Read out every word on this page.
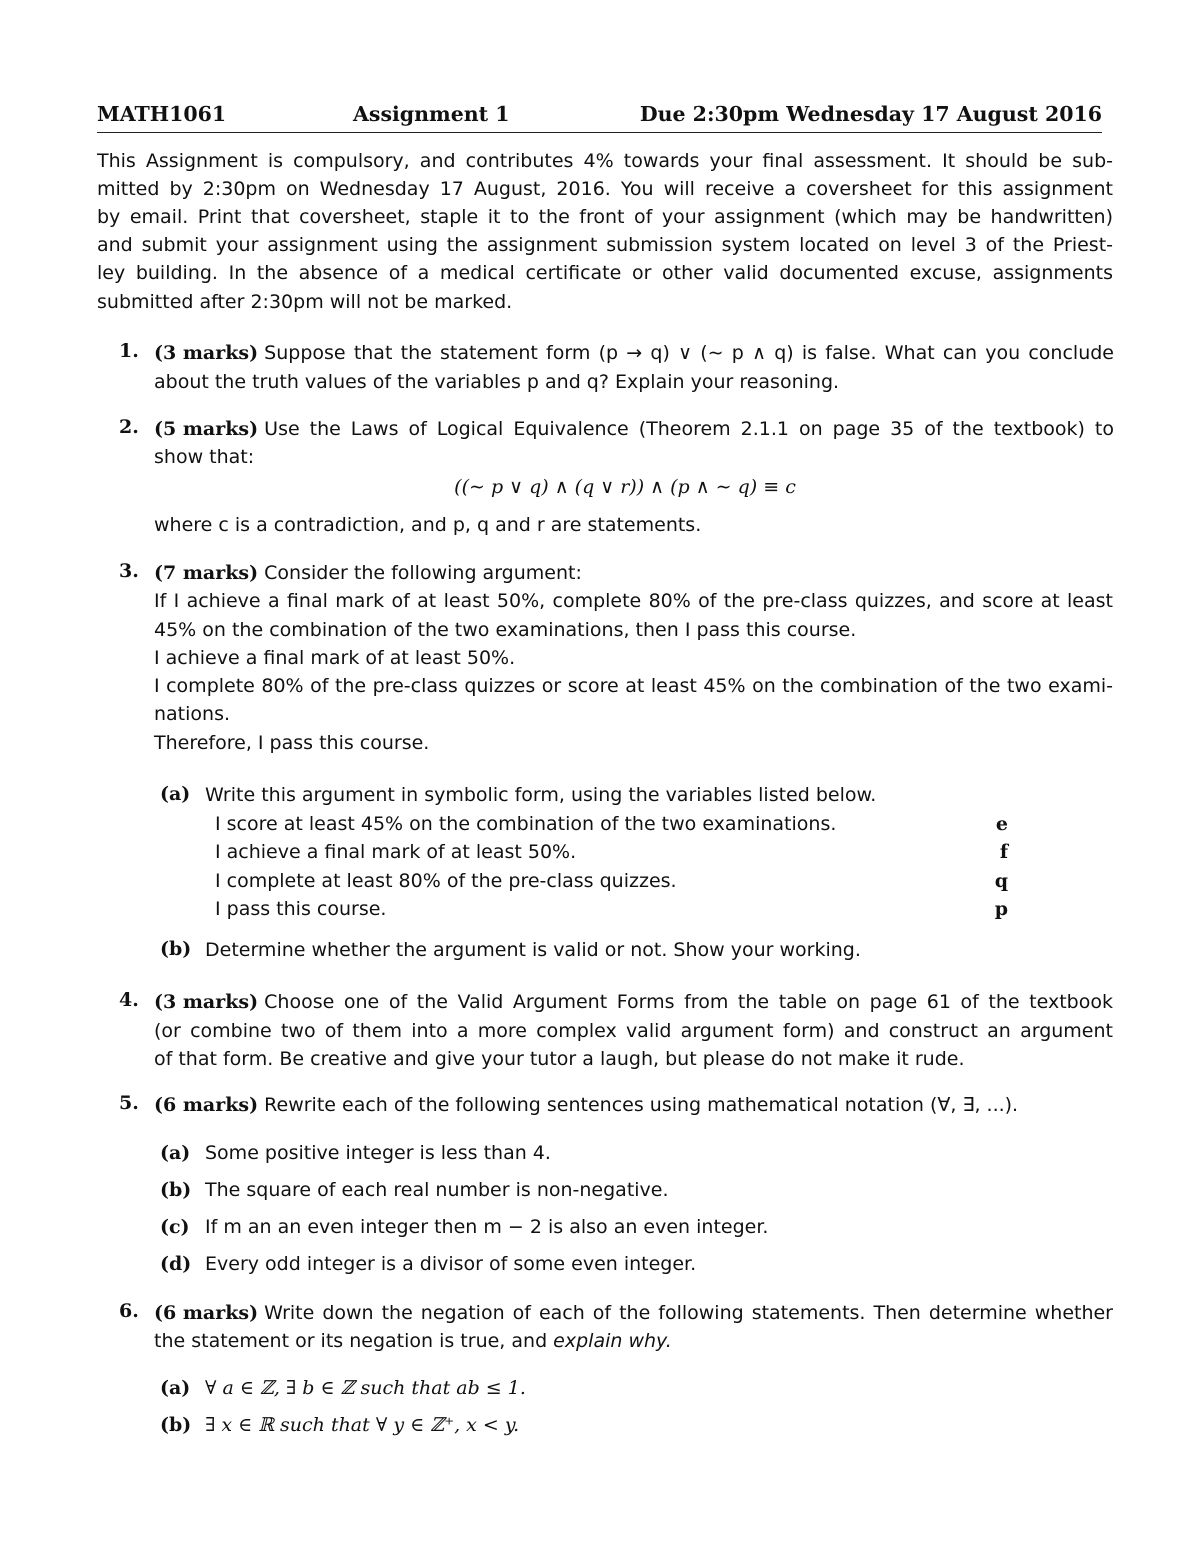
MATH1061	Assignment 1	Due 2:30pm Wednesday 17 August 2016
This Assignment is compulsory, and contributes 4% towards your final assessment. It should be sub-
mitted by 2:30pm on Wednesday 17 August, 2016. You will receive a coversheet for this assignment
by email. Print that coversheet, staple it to the front of your assignment (which may be handwritten)
and submit your assignment using the assignment submission system located on level 3 of the Priest-
ley building. In the absence of a medical certificate or other valid documented excuse, assignments
submitted after 2:30pm will not be marked.
1. (3 marks)
Suppose that the statement form (p → q) ∨ (∼ p ∧ q) is false. What can you conclude
about the truth values of the variables p and q? Explain your reasoning.
2. (5 marks)
Use the Laws of Logical Equivalence (Theorem 2.1.1 on page 35 of the textbook) to
show that:
((∼ p ∨ q) ∧ (q ∨ r)) ∧ (p ∧ ∼ q) ≡ c
where c is a contradiction, and p, q and r are statements.
3. (7 marks)
Consider the following argument:
If I achieve a final mark of at least 50%, complete 80% of the pre-class quizzes, and score at least
45% on the combination of the two examinations, then I pass this course.
I achieve a final mark of at least 50%.
I complete 80% of the pre-class quizzes or score at least 45% on the combination of the two exami-
nations.
Therefore, I pass this course.
(a) Write this argument in symbolic form, using the variables listed below.
I score at least 45% on the combination of the two examinations.	e
I achieve a final mark of at least 50%.	f
I complete at least 80% of the pre-class quizzes.	q
I pass this course.	p
(b) Determine whether the argument is valid or not. Show your working.
4. (3 marks)
Choose one of the Valid Argument Forms from the table on page 61 of the textbook
(or combine two of them into a more complex valid argument form) and construct an argument
of that form. Be creative and give your tutor a laugh, but please do not make it rude.
5. (6 marks)
Rewrite each of the following sentences using mathematical notation (∀, ∃, ...).
(a) Some positive integer is less than 4.
(b) The square of each real number is non-negative.
(c) If m an an even integer then m − 2 is also an even integer.
(d) Every odd integer is a divisor of some even integer.
6. (6 marks)
Write down the negation of each of the following statements. Then determine whether
the statement or its negation is true, and explain why.
(a) ∀ a ∈ ℤ, ∃ b ∈ ℤ such that ab ≤ 1.
(b) ∃ x ∈ ℝ such that ∀ y ∈ ℤ⁺, x < y.
